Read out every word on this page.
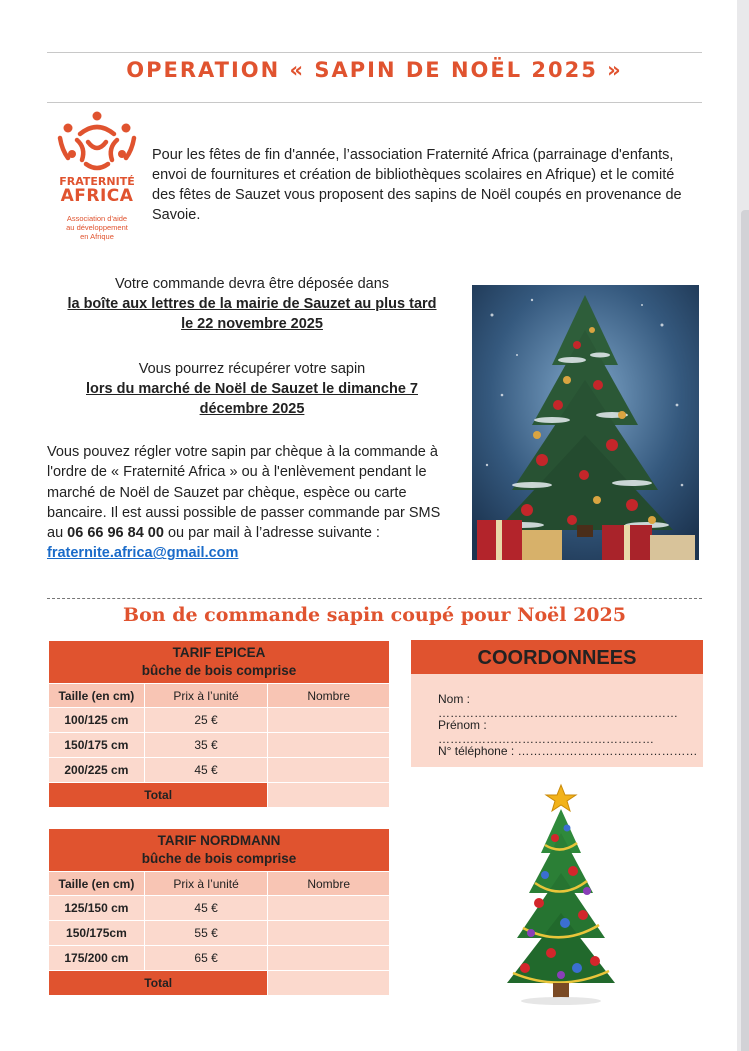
OPERATION « SAPIN DE NOËL 2025 »
FRATERNITÉ
AFRICA
Association d'aide
au développement
en Afrique
Pour les fêtes de fin d'année, l’association Fraternité Africa (parrainage d'enfants, envoi de fournitures et création de bibliothèques scolaires en Afrique) et le comité des fêtes de Sauzet vous proposent des sapins de Noël coupés en provenance de Savoie.
Votre commande devra être déposée dans
la boîte aux lettres de la mairie de Sauzet au plus tard
le 22 novembre 2025
Vous pourrez récupérer votre sapin
lors du marché de Noël de Sauzet le dimanche 7
décembre 2025
Vous pouvez régler votre sapin par chèque à la commande à l'ordre de « Fraternité Africa » ou à l'enlèvement pendant le marché de Noël de Sauzet par chèque, espèce ou carte bancaire. Il est aussi possible de passer commande par SMS au 06 66 96 84 00 ou par mail à l’adresse suivante : fraternite.africa@gmail.com
Bon de commande sapin coupé pour Noël 2025
TARIF EPICEA
bûche de bois comprise		

Taille (en cm)	Prix à l’unité	Nombre
100/125 cm	25 €	
150/175 cm	35 €	
200/225 cm	45 €	
Total		
TARIF NORDMANN
bûche de bois comprise		

Taille (en cm)	Prix à l’unité	Nombre
125/150 cm	45 €	
150/175cm	55 €	
175/200 cm	65 €	
Total		
COORDONNEES
Nom : ……………………………………………………
Prénom : ………………………………………………
N° téléphone : ………………………………………
